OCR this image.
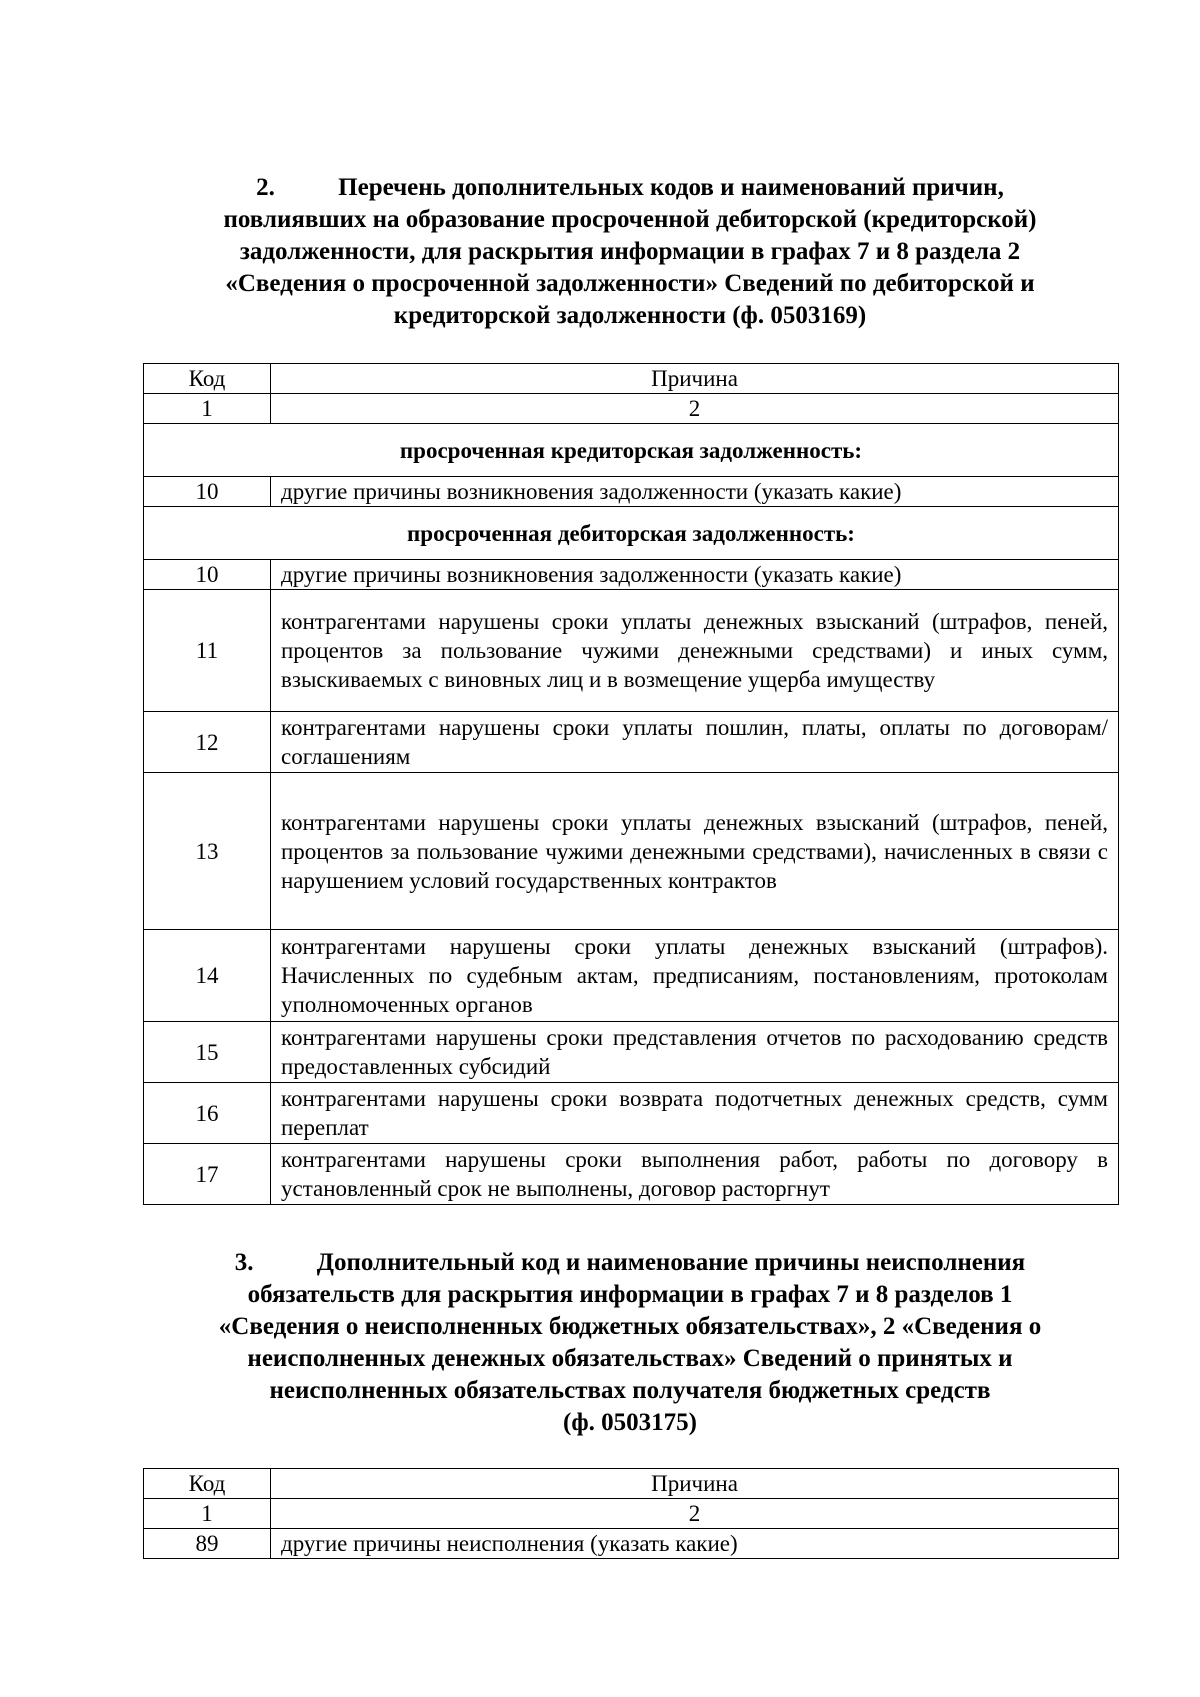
2.	Перечень дополнительных кодов и наименований причин,
повлиявших на образование просроченной дебиторской (кредиторской)
задолженности, для раскрытия информации в графах 7 и 8 раздела 2
«Сведения о просроченной задолженности» Сведений по дебиторской и
кредиторской задолженности (ф. 0503169)
Код	Причина
1	2
просроченная кредиторская задолженность:	
10	другие причины возникновения задолженности (указать какие)
просроченная дебиторская задолженность:	
10	другие причины возникновения задолженности (указать какие)
11	контрагентами нарушены сроки уплаты денежных взысканий (штрафов, пеней, процентов за пользование чужими денежными средствами) и иных сумм, взыскиваемых с виновных лиц и в возмещение ущерба имуществу
12	контрагентами нарушены сроки уплаты пошлин, платы, оплаты по договорам/соглашениям
13	контрагентами нарушены сроки уплаты денежных взысканий (штрафов, пеней, процентов за пользование чужими денежными средствами), начисленных в связи с нарушением условий государственных контрактов
14	контрагентами нарушены сроки уплаты денежных взысканий (штрафов). Начисленных по судебным актам, предписаниям, постановлениям, протоколам уполномоченных органов
15	контрагентами нарушены сроки представления отчетов по расходованию средств предоставленных субсидий
16	контрагентами нарушены сроки возврата подотчетных денежных средств, сумм переплат
17	контрагентами нарушены сроки выполнения работ, работы по договору в установленный срок не выполнены, договор расторгнут
3.	Дополнительный код и наименование причины неисполнения
обязательств для раскрытия информации в графах 7 и 8 разделов 1
«Сведения о неисполненных бюджетных обязательствах», 2 «Сведения о
неисполненных денежных обязательствах» Сведений о принятых и
неисполненных обязательствах получателя бюджетных средств
(ф. 0503175)
Код	Причина
1	2
89	другие причины неисполнения (указать какие)
